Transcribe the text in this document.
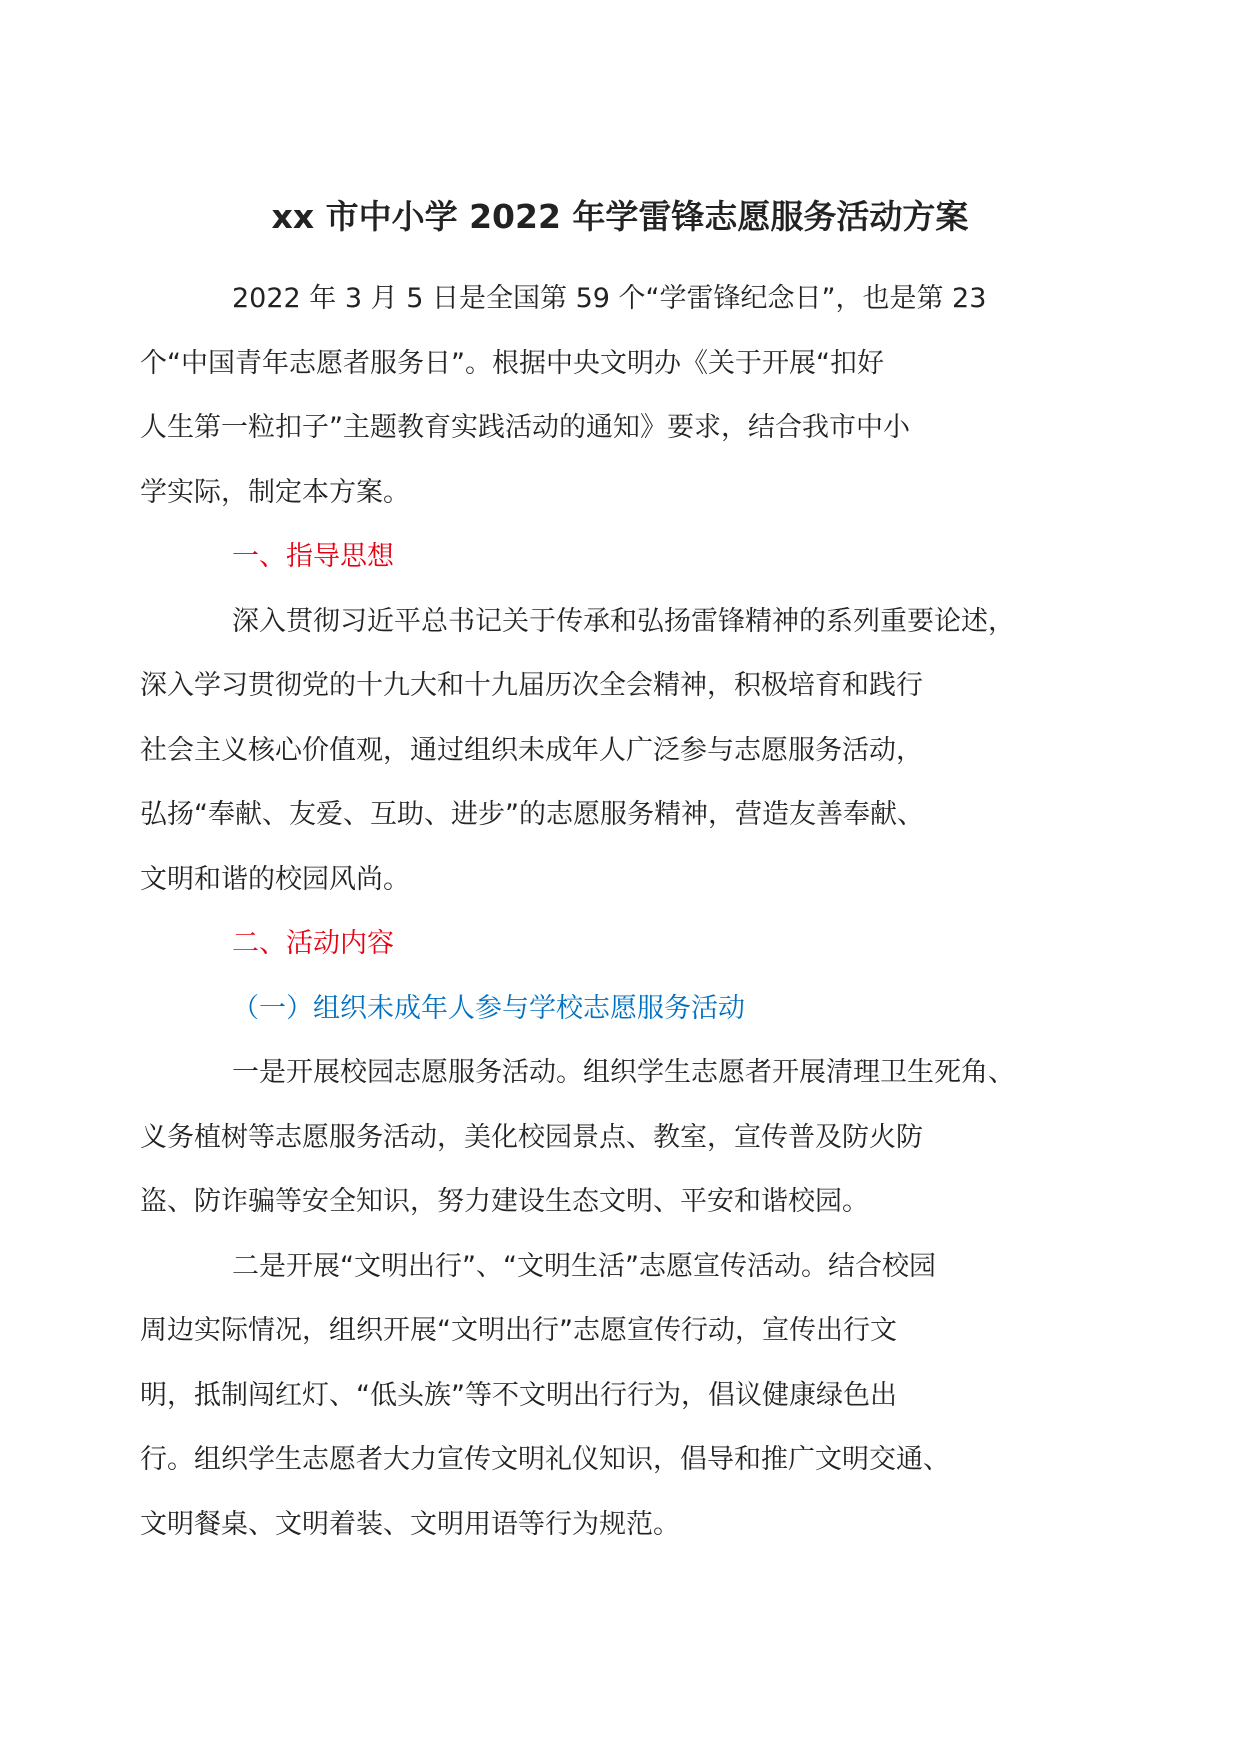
xx 市中小学 2022 年学雷锋志愿服务活动方案
2022 年 3 月 5 日是全国第 59 个“学雷锋纪念日”，也是第 23
个“中国青年志愿者服务日”。根据中央文明办《关于开展“扣好
人生第一粒扣子”主题教育实践活动的通知》要求，结合我市中小
学实际，制定本方案。
一、指导思想
深入贯彻习近平总书记关于传承和弘扬雷锋精神的系列重要论述，
深入学习贯彻党的十九大和十九届历次全会精神，积极培育和践行
社会主义核心价值观，通过组织未成年人广泛参与志愿服务活动，
弘扬“奉献、友爱、互助、进步”的志愿服务精神，营造友善奉献、
文明和谐的校园风尚。
二、活动内容
（一）组织未成年人参与学校志愿服务活动
一是开展校园志愿服务活动。组织学生志愿者开展清理卫生死角、
义务植树等志愿服务活动，美化校园景点、教室，宣传普及防火防
盗、防诈骗等安全知识，努力建设生态文明、平安和谐校园。
二是开展“文明出行”、“文明生活”志愿宣传活动。结合校园
周边实际情况，组织开展“文明出行”志愿宣传行动，宣传出行文
明，抵制闯红灯、“低头族”等不文明出行行为，倡议健康绿色出
行。组织学生志愿者大力宣传文明礼仪知识，倡导和推广文明交通、
文明餐桌、文明着装、文明用语等行为规范。
